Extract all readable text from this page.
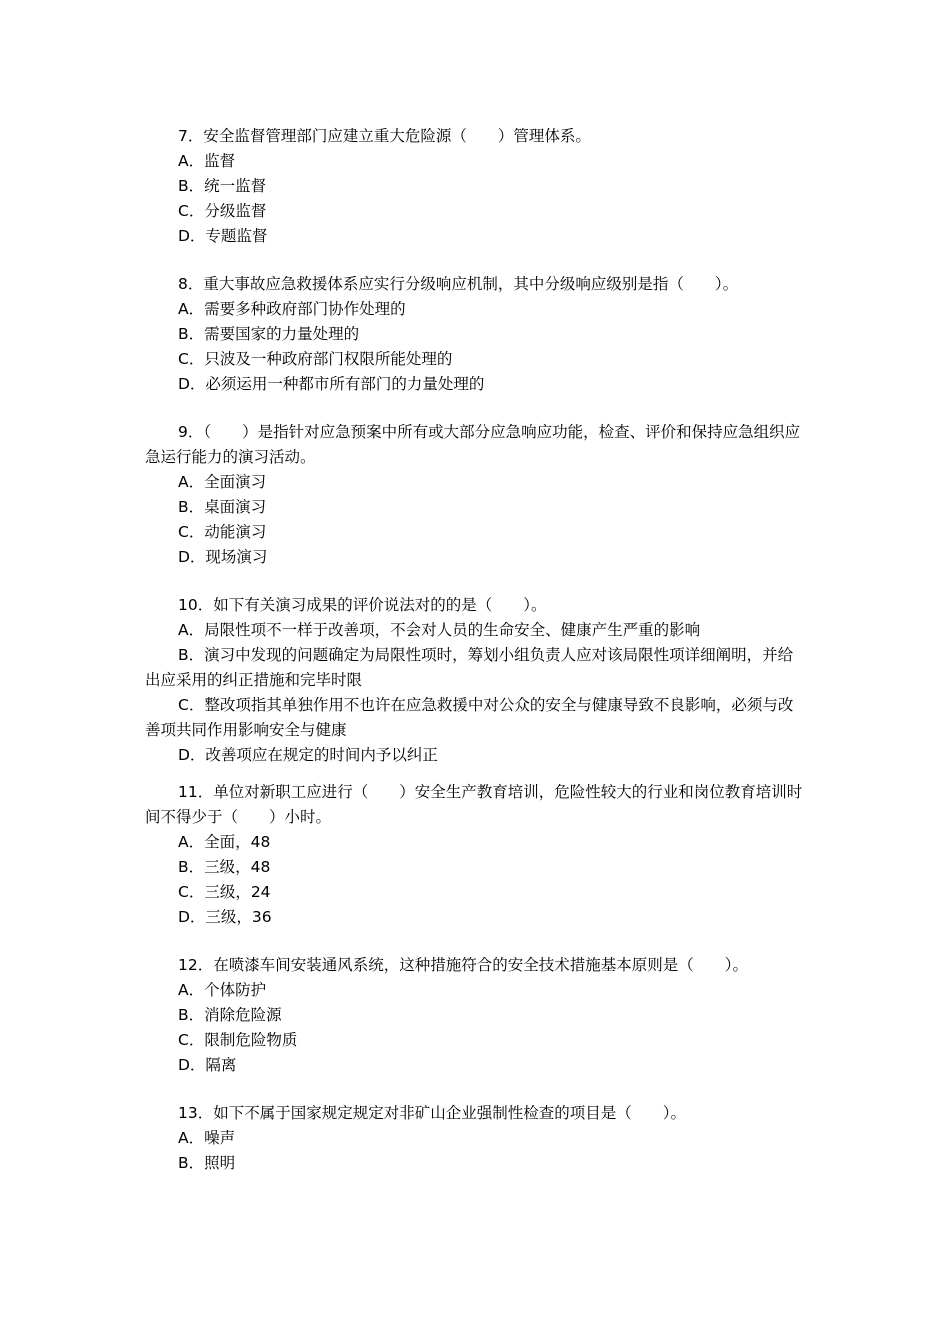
7．安全监督管理部门应建立重大危险源（　　）管理体系。

A．监督

B．统一监督

C．分级监督

D．专题监督

8．重大事故应急救援体系应实行分级响应机制，其中分级响应级别是指（　　）。

A．需要多种政府部门协作处理的

B．需要国家的力量处理的

C．只波及一种政府部门权限所能处理的

D．必须运用一种都市所有部门的力量处理的

9．（　　）是指针对应急预案中所有或大部分应急响应功能，检查、评价和保持应急组织应急运行能力的演习活动。

A．全面演习

B．桌面演习

C．动能演习

D．现场演习

10．如下有关演习成果的评价说法对的的是（　　）。

A．局限性项不一样于改善项，不会对人员的生命安全、健康产生严重的影响

B．演习中发现的问题确定为局限性项时，筹划小组负责人应对该局限性项详细阐明，并给出应采用的纠正措施和完毕时限

C．整改项指其单独作用不也许在应急救援中对公众的安全与健康导致不良影响，必须与改善项共同作用影响安全与健康

D．改善项应在规定的时间内予以纠正

11．单位对新职工应进行（　　）安全生产教育培训，危险性较大的行业和岗位教育培训时间不得少于（　　）小时。

A．全面，48

B．三级，48

C．三级，24

D．三级，36

12．在喷漆车间安装通风系统，这种措施符合的安全技术措施基本原则是（　　）。

A．个体防护

B．消除危险源

C．限制危险物质

D．隔离

13．如下不属于国家规定规定对非矿山企业强制性检查的项目是（　　）。

A．噪声

B．照明
